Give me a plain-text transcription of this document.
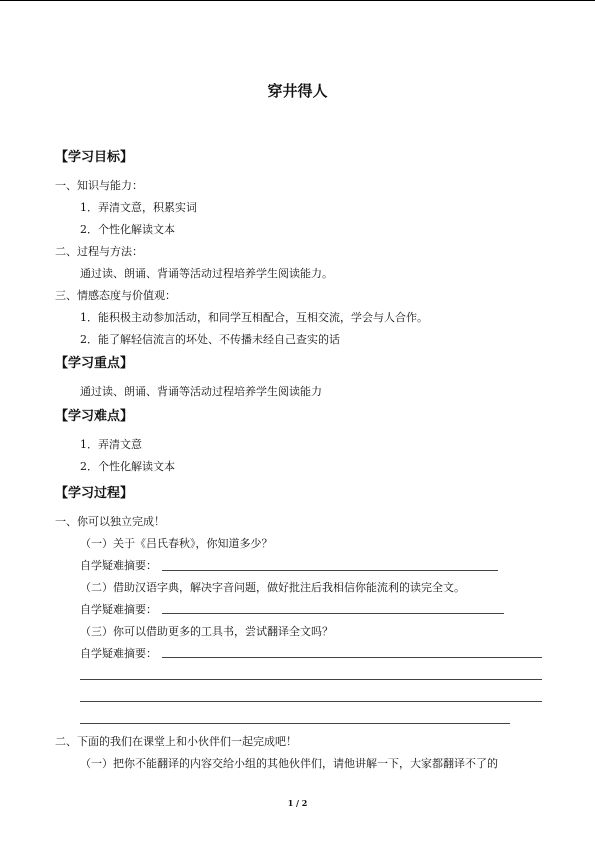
穿井得人
【学习目标】
一、知识与能力：
1．弄清文意，积累实词
2．个性化解读文本
二、过程与方法：
通过读、朗诵、背诵等活动过程培养学生阅读能力。
三、情感态度与价值观：
1．能积极主动参加活动，和同学互相配合，互相交流，学会与人合作。
2．能了解轻信流言的坏处、不传播未经自己查实的话
【学习重点】
通过读、朗诵、背诵等活动过程培养学生阅读能力
【学习难点】
1．弄清文意
2．个性化解读文本
【学习过程】
一、你可以独立完成！
（一）关于《吕氏春秋》，你知道多少？
自学疑难摘要：
（二）借助汉语字典，解决字音问题，做好批注后我相信你能流利的读完全文。
自学疑难摘要：
（三）你可以借助更多的工具书，尝试翻译全文吗？
自学疑难摘要：
二、下面的我们在课堂上和小伙伴们一起完成吧！
（一）把你不能翻译的内容交给小组的其他伙伴们，请他讲解一下，大家都翻译不了的
1 / 2
